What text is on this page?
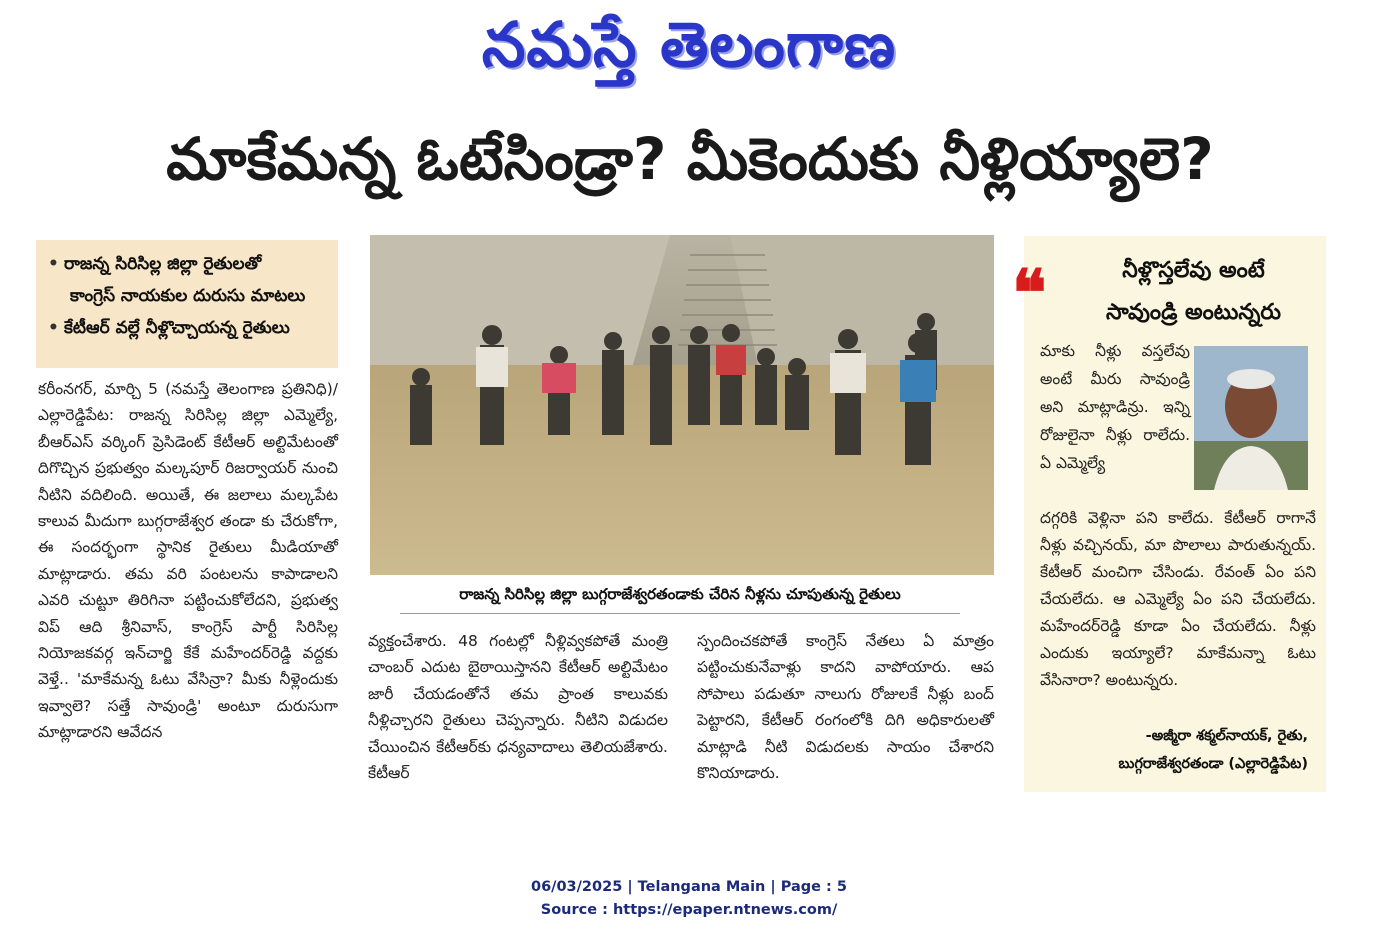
నమస్తే తెలంగాణ
మాకేమన్న ఓటేసిండ్రా? మీకెందుకు నీళ్లియ్యాలె?
• రాజన్న సిరిసిల్ల జిల్లా రైతులతో
కాంగ్రెస్ నాయకుల దురుసు మాటలు
• కేటీఆర్ వల్లే నీళ్లొచ్చాయన్న రైతులు

కరీంనగర్, మార్చి 5 (నమస్తే తెలంగాణ ప్రతినిధి)/ఎల్లారెడ్డిపేట: రాజన్న సిరిసిల్ల జిల్లా ఎమ్మెల్యే, బీఆర్ఎస్ వర్కింగ్ ప్రెసిడెంట్ కేటీఆర్ అల్టిమేటంతో దిగొచ్చిన ప్రభుత్వం మల్కపూర్ రిజర్వాయర్ నుంచి నీటిని వదిలింది. అయితే, ఈ జలాలు మల్కపేట కాలువ మీదుగా బుగ్గరాజేశ్వర తండా కు చేరుకోగా, ఈ సందర్భంగా స్థానిక రైతులు మీడియాతో మాట్లాడారు. తమ వరి పంటలను కాపాడాలని ఎవరి చుట్టూ తిరిగినా పట్టించుకోలేదని, ప్రభుత్వ విప్ ఆది శ్రీనివాస్, కాంగ్రెస్ పార్టీ సిరిసిల్ల నియోజకవర్గ ఇన్‌చార్జి కేకే మహేందర్‌రెడ్డి వద్దకు వెళ్తే.. 'మాకేమన్న ఓటు వేసిన్రా? మీకు నీళ్లెందుకు ఇవ్వాలె? సత్తే సావుండ్రి' అంటూ దురుసుగా మాట్లాడారని ఆవేదన

రాజన్న సిరిసిల్ల జిల్లా బుగ్గరాజేశ్వరతండాకు చేరిన నీళ్లను చూపుతున్న రైతులు

వ్యక్తంచేశారు. 48 గంటల్లో నీళ్లివ్వకపోతే మంత్రి చాంబర్ ఎదుట బైఠాయిస్తానని కేటీఆర్ అల్టిమేటం జారీ చేయడంతోనే తమ ప్రాంత కాలువకు నీళ్లిచ్చారని రైతులు చెప్పన్నారు. నీటిని విడుదల చేయించిన కేటీఆర్‌కు ధన్యవాదాలు తెలియజేశారు. కేటీఆర్

స్పందించకపోతే కాంగ్రెస్ నేతలు ఏ మాత్రం పట్టించుకునేవాళ్లు కాదని వాపోయారు. ఆప సోపాలు పడుతూ నాలుగు రోజులకే నీళ్లు బంద్ పెట్టారని, కేటీఆర్ రంగంలోకి దిగి అధికారులతో మాట్లాడి నీటి విడుదలకు సాయం చేశారని కొనియాడారు.

❝	నీళ్లొస్తలేవు అంటే
సావుండ్రి అంటున్నరు

మాకు నీళ్లు వస్తలేవు అంటే మీరు సావుండ్రి అని మాట్లాడిన్రు. ఇన్ని రోజులైనా నీళ్లు రాలేదు. ఏ ఎమ్మెల్యే

దగ్గరికి వెళ్లినా పని కాలేదు. కేటీఆర్ రాగానే నీళ్లు వచ్చినయ్, మా పొలాలు పారుతున్నయ్. కేటీఆర్ మంచిగా చేసిండు. రేవంత్ ఏం పని చేయలేదు. ఆ ఎమ్మెల్యే ఏం పని చేయలేదు. మహేందర్‌రెడ్డి కూడా ఏం చేయలేదు. నీళ్లు ఎందుకు ఇయ్యాలే? మాకేమన్నా ఓటు వేసినారా? అంటున్నరు.

-అజ్మీరా శక్మల్‌నాయక్, రైతు,
బుగ్గరాజేశ్వరతండా (ఎల్లారెడ్డిపేట)
06/03/2025 | Telangana Main | Page : 5
Source : https://epaper.ntnews.com/
